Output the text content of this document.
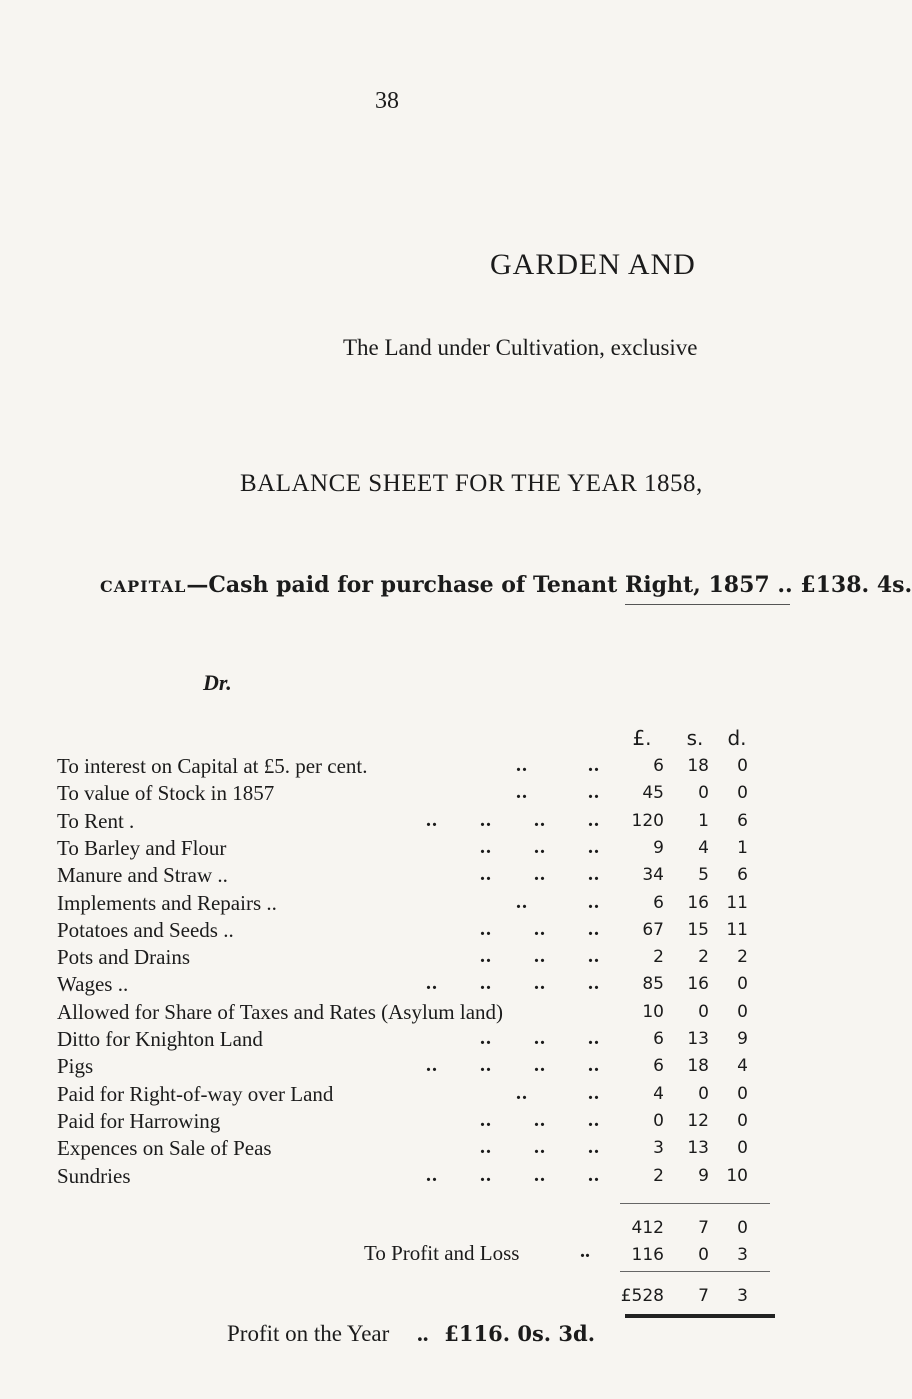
38
GARDEN AND
The Land under Cultivation, exclusive
BALANCE SHEET FOR THE YEAR 1858,
CAPITAL—Cash paid for purchase of Tenant Right, 1857 .. £138. 4s.
Dr.
£.	s.	d.
To interest on Capital at £5. per cent.	..          ..	6	18	0
To value of Stock in 1857	..          ..	45	0	0
To Rent .	..       ..       ..       ..	120	1	6
To Barley and Flour	..       ..       ..	9	4	1
Manure and Straw ..	..       ..       ..	34	5	6
Implements and Repairs ..	..          ..	6	16	11
Potatoes and Seeds ..	..       ..       ..	67	15	11
Pots and Drains	..       ..       ..	2	2	2
Wages ..	..       ..       ..       ..	85	16	0
Allowed for Share of Taxes and Rates (Asylum land)	10	0	0
Ditto for Knighton Land	..       ..       ..	6	13	9
Pigs	..       ..       ..       ..	6	18	4
Paid for Right-of-way over Land	..          ..	4	0	0
Paid for Harrowing	..       ..       ..	0	12	0
Expences on Sale of Peas	..       ..       ..	3	13	0
Sundries	..       ..       ..       ..	2	9	10
412	7	0
To Profit and Loss	..	116	0	3
£528	7	3
Profit on the Year .. £116. 0s. 3d.
